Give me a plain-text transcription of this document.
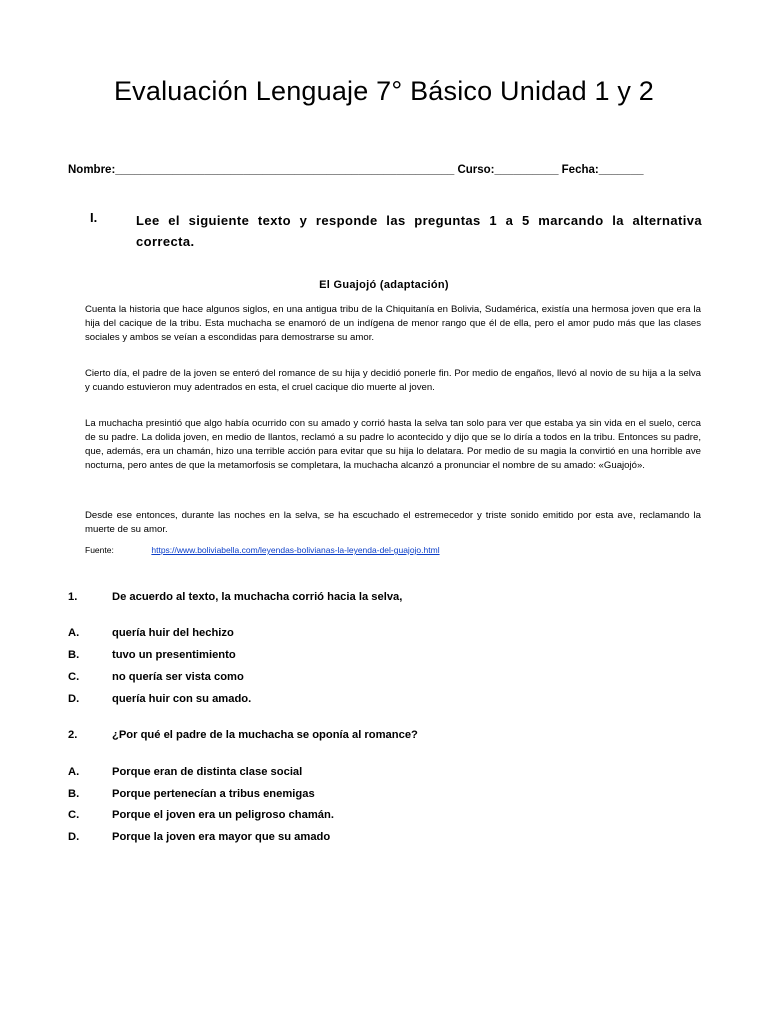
Evaluación Lenguaje 7° Básico Unidad 1 y 2
Nombre:_____________________________________________________ Curso:__________ Fecha:_______
I.	Lee el siguiente texto y responde las preguntas 1 a 5 marcando la alternativa correcta.
El Guajojó (adaptación)
Cuenta la historia que hace algunos siglos, en una antigua tribu de la Chiquitanía en Bolivia, Sudamérica, existía una hermosa joven que era la hija del cacique de la tribu. Esta muchacha se enamoró de un indígena de menor rango que él de ella, pero el amor pudo más que las clases sociales y ambos se veían a escondidas para demostrarse su amor.
Cierto día, el padre de la joven se enteró del romance de su hija y decidió ponerle fin. Por medio de engaños, llevó al novio de su hija a la selva y cuando estuvieron muy adentrados en esta, el cruel cacique dio muerte al joven.
La muchacha presintió que algo había ocurrido con su amado y corrió hasta la selva tan solo para ver que estaba ya sin vida en el suelo, cerca de su padre. La dolida joven, en medio de llantos, reclamó a su padre lo acontecido y dijo que se lo diría a todos en la tribu. Entonces su padre, que, además, era un chamán, hizo una terrible acción para evitar que su hija lo delatara. Por medio de su magia la convirtió en una horrible ave nocturna, pero antes de que la metamorfosis se completara, la muchacha alcanzó a pronunciar el nombre de su amado: «Guajojó».
Desde ese entonces, durante las noches en la selva, se ha escuchado el estremecedor y triste sonido emitido por esta ave, reclamando la muerte de su amor.
Fuente:	https://www.boliviabella.com/leyendas-bolivianas-la-leyenda-del-guajojo.html
1.	De acuerdo al texto, la muchacha corrió hacia la selva,
A.	quería huir del hechizo
B.	tuvo un presentimiento
C.	no quería ser vista como
D.	quería huir con su amado.
2.	¿Por qué el padre de la muchacha se oponía al romance?
A.	Porque eran de distinta clase social
B.	Porque pertenecían a tribus enemigas
C.	Porque el joven era un peligroso chamán.
D.	Porque la joven era mayor que su amado
